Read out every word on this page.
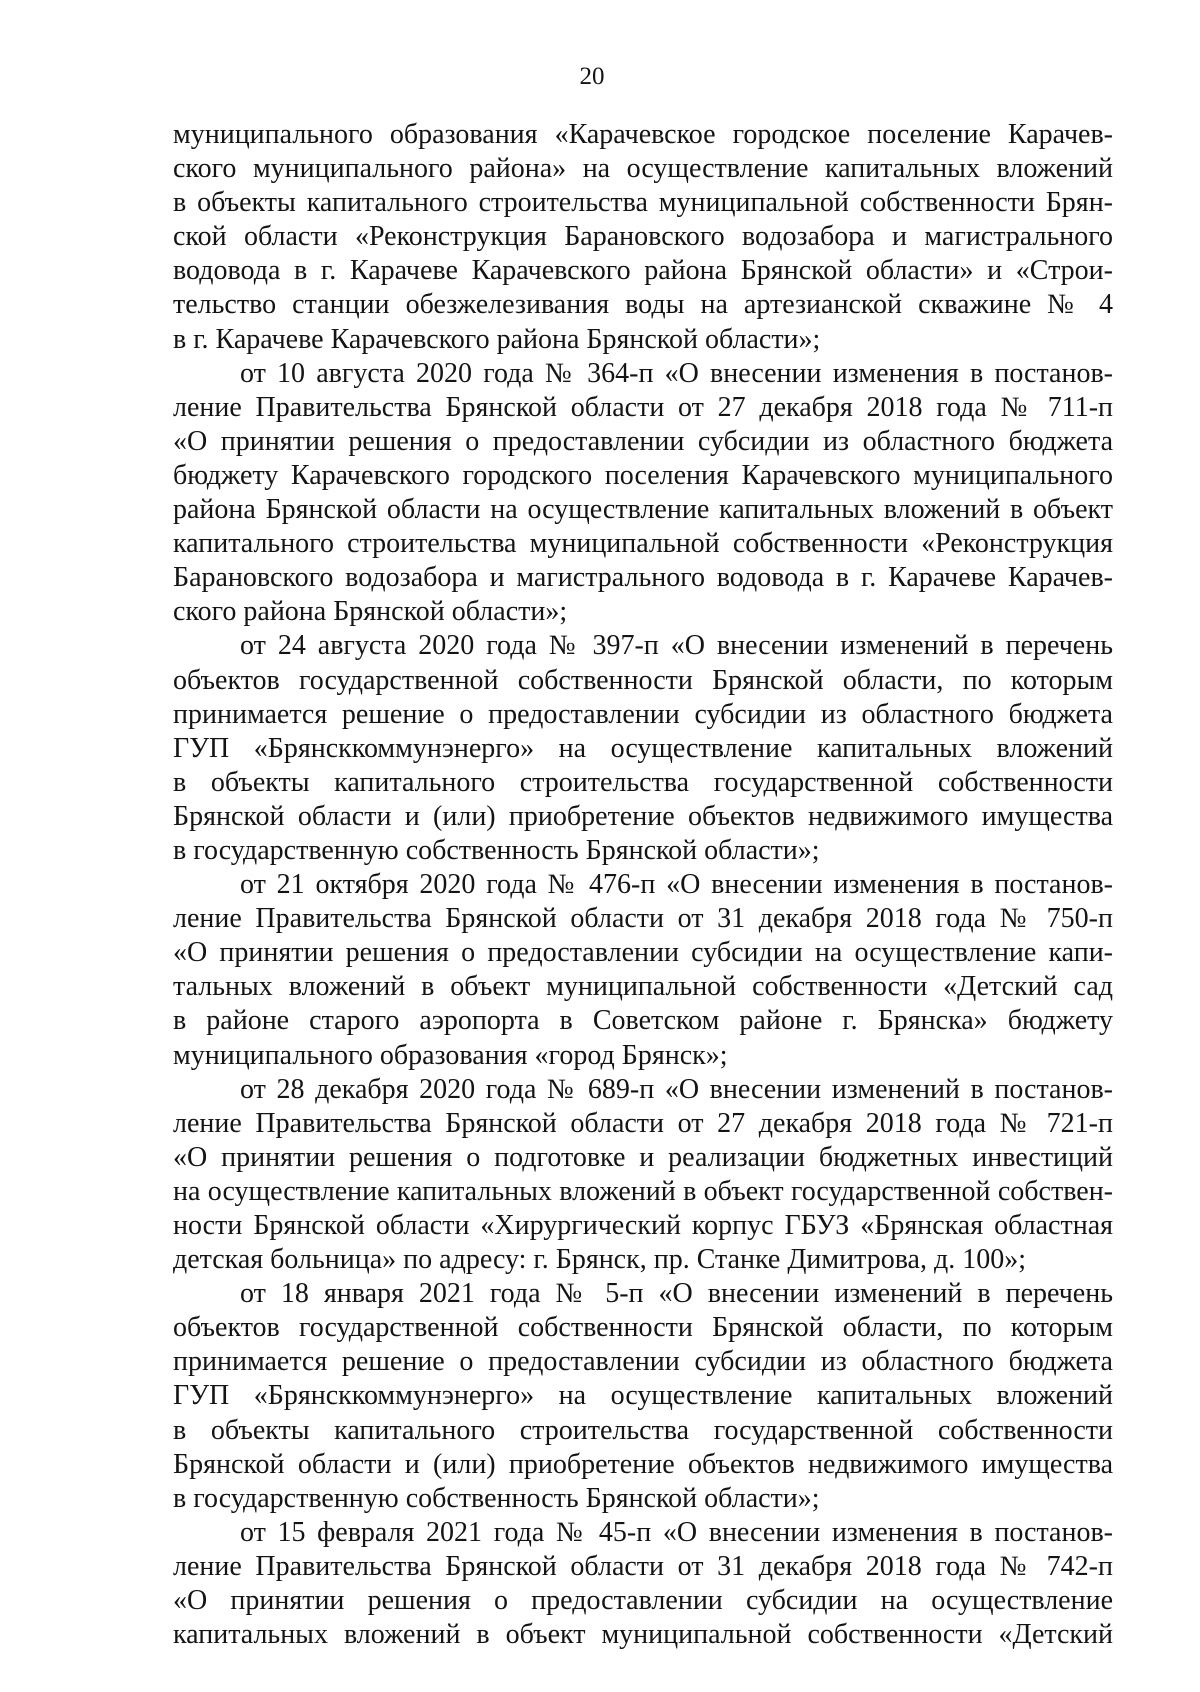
20
муниципального образования «Карачевское городское поселение Карачев-
ского муниципального района» на осуществление капитальных вложений
в объекты капитального строительства муниципальной собственности Брян-
ской области «Реконструкция Барановского водозабора и магистрального
водовода в г. Карачеве Карачевского района Брянской области» и «Строи-
тельство станции обезжелезивания воды на артезианской скважине № 4
в г. Карачеве Карачевского района Брянской области»;
от 10 августа 2020 года № 364-п «О внесении изменения в постанов-
ление Правительства Брянской области от 27 декабря 2018 года № 711-п
«О принятии решения о предоставлении субсидии из областного бюджета
бюджету Карачевского городского поселения Карачевского муниципального
района Брянской области на осуществление капитальных вложений в объект
капитального строительства муниципальной собственности «Реконструкция
Барановского водозабора и магистрального водовода в г. Карачеве Карачев-
ского района Брянской области»;
от 24 августа 2020 года № 397-п «О внесении изменений в перечень
объектов государственной собственности Брянской области, по которым
принимается решение о предоставлении субсидии из областного бюджета
ГУП «Брянсккоммунэнерго» на осуществление капитальных вложений
в объекты капитального строительства государственной собственности
Брянской области и (или) приобретение объектов недвижимого имущества
в государственную собственность Брянской области»;
от 21 октября 2020 года № 476-п «О внесении изменения в постанов-
ление Правительства Брянской области от 31 декабря 2018 года № 750-п
«О принятии решения о предоставлении субсидии на осуществление капи-
тальных вложений в объект муниципальной собственности «Детский сад
в районе старого аэропорта в Советском районе г. Брянска» бюджету
муниципального образования «город Брянск»;
от 28 декабря 2020 года № 689-п «О внесении изменений в постанов-
ление Правительства Брянской области от 27 декабря 2018 года № 721-п
«О принятии решения о подготовке и реализации бюджетных инвестиций
на осуществление капитальных вложений в объект государственной собствен-
ности Брянской области «Хирургический корпус ГБУЗ «Брянская областная
детская больница» по адресу: г. Брянск, пр. Станке Димитрова, д. 100»;
от 18 января 2021 года № 5-п «О внесении изменений в перечень
объектов государственной собственности Брянской области, по которым
принимается решение о предоставлении субсидии из областного бюджета
ГУП «Брянсккоммунэнерго» на осуществление капитальных вложений
в объекты капитального строительства государственной собственности
Брянской области и (или) приобретение объектов недвижимого имущества
в государственную собственность Брянской области»;
от 15 февраля 2021 года № 45-п «О внесении изменения в постанов-
ление Правительства Брянской области от 31 декабря 2018 года № 742-п
«О принятии решения о предоставлении субсидии на осуществление
капитальных вложений в объект муниципальной собственности «Детский
